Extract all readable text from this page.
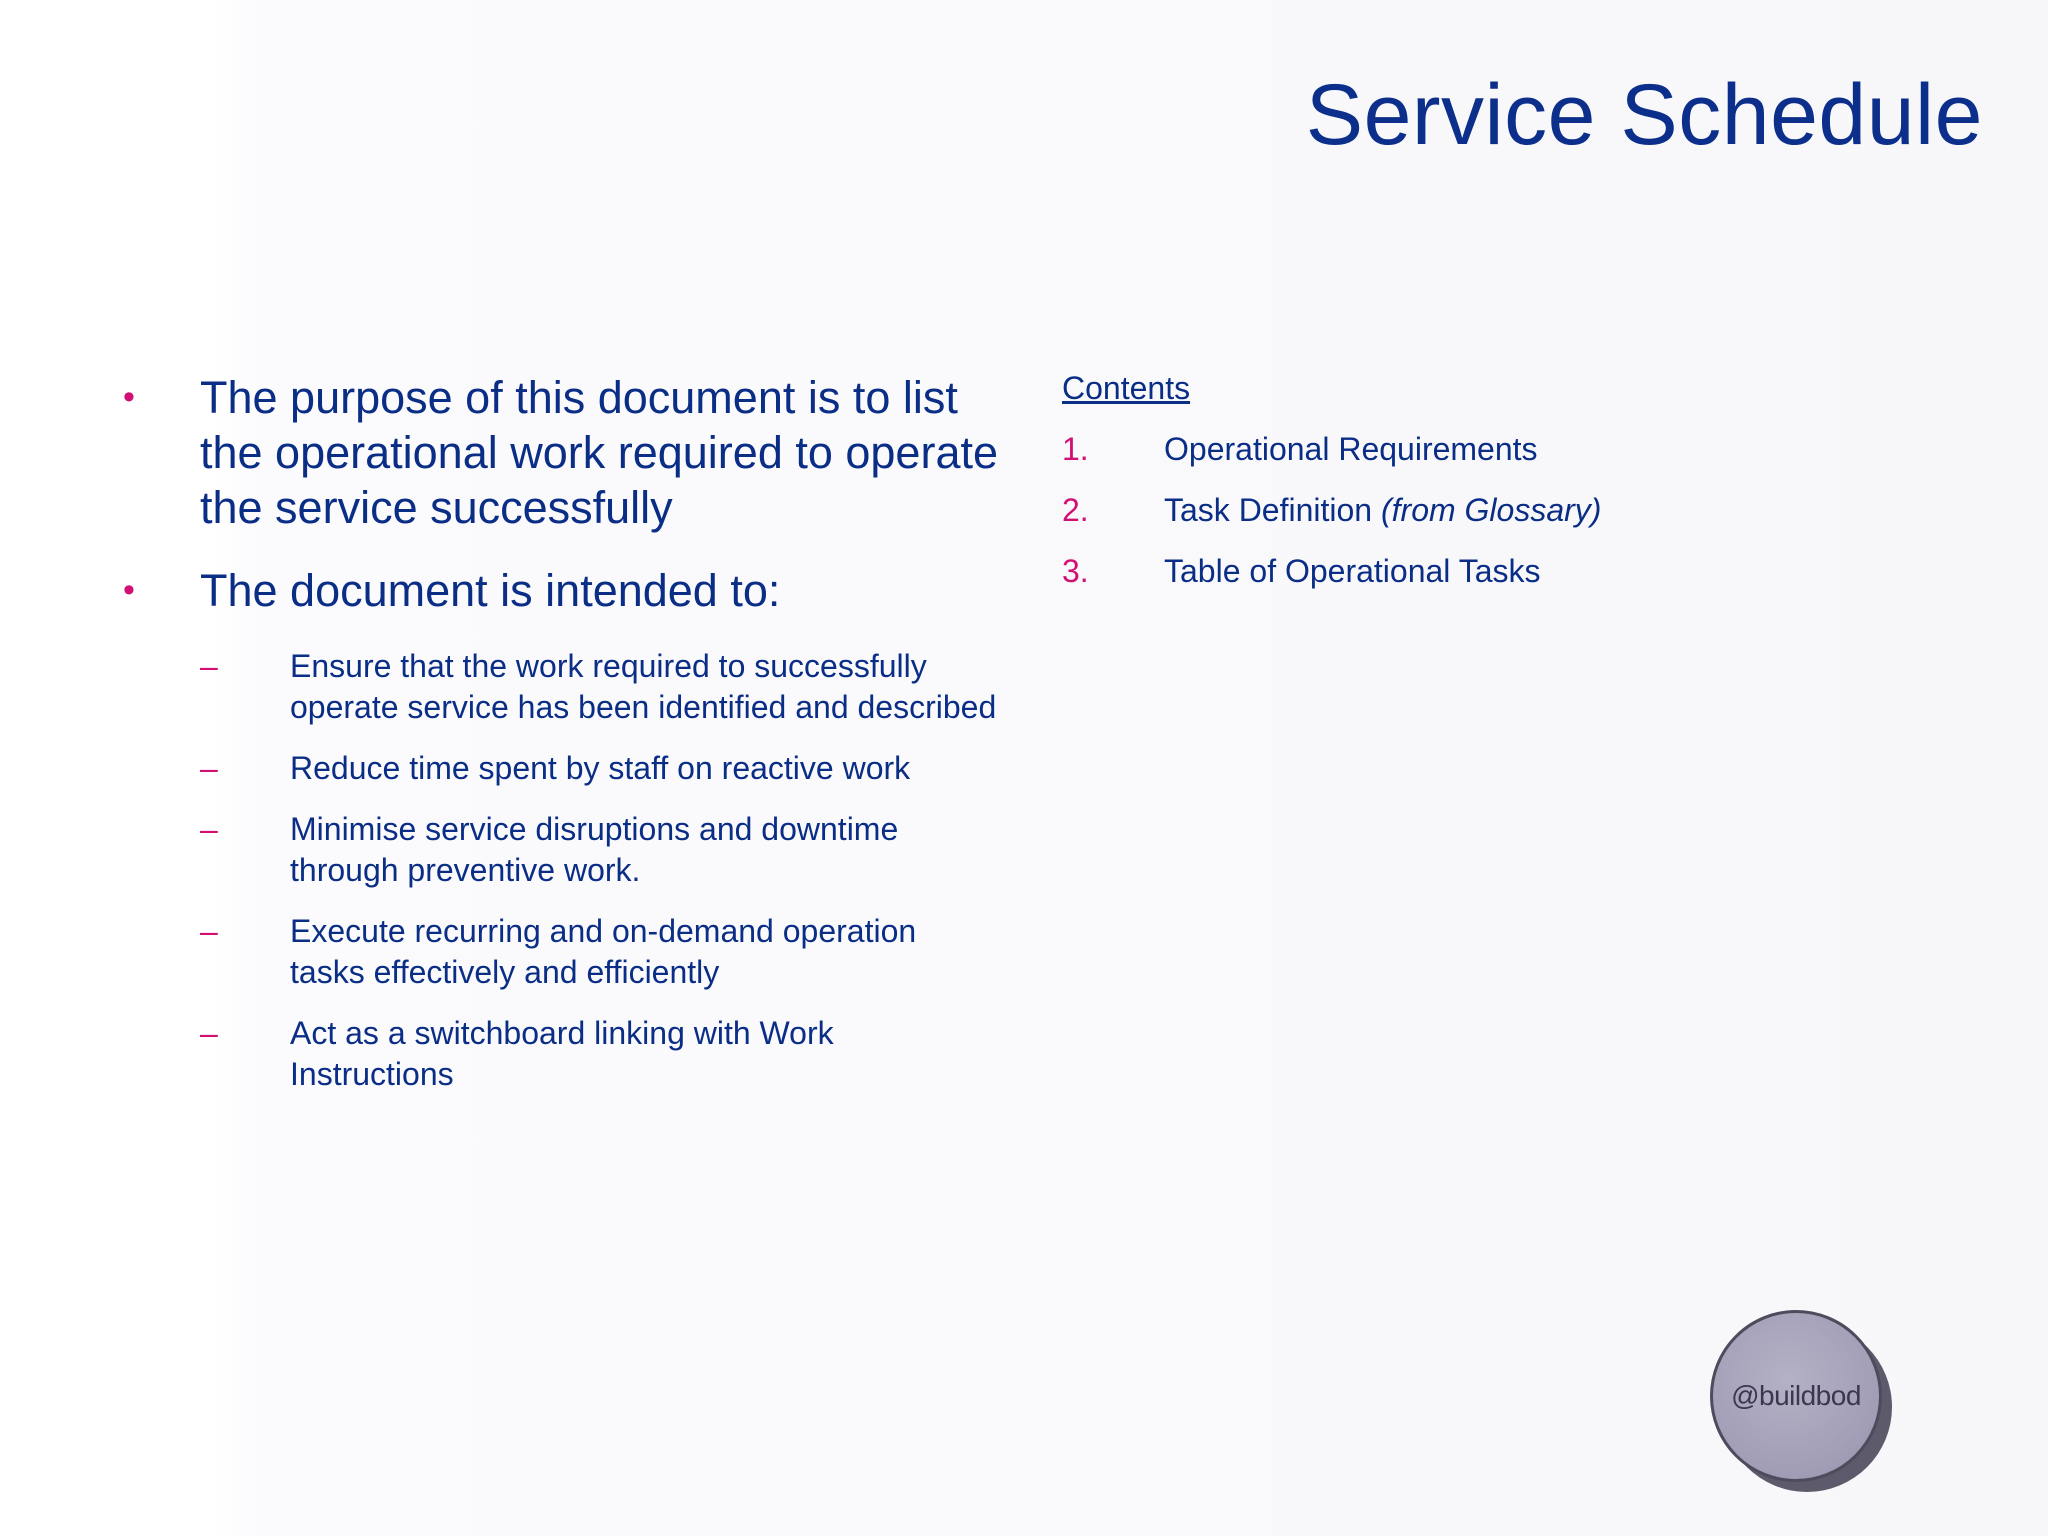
Service Schedule
• The purpose of this document is to list the operational work required to operate the service successfully
• The document is intended to:
– Ensure that the work required to successfully operate service has been identified and described
– Reduce time spent by staff on reactive work
– Minimise service disruptions and downtime through preventive work.
– Execute recurring and on-demand operation tasks effectively and efficiently
– Act as a switchboard linking with Work Instructions
Contents
1. Operational Requirements
2. Task Definition (from Glossary)
3. Table of Operational Tasks
@buildbod
